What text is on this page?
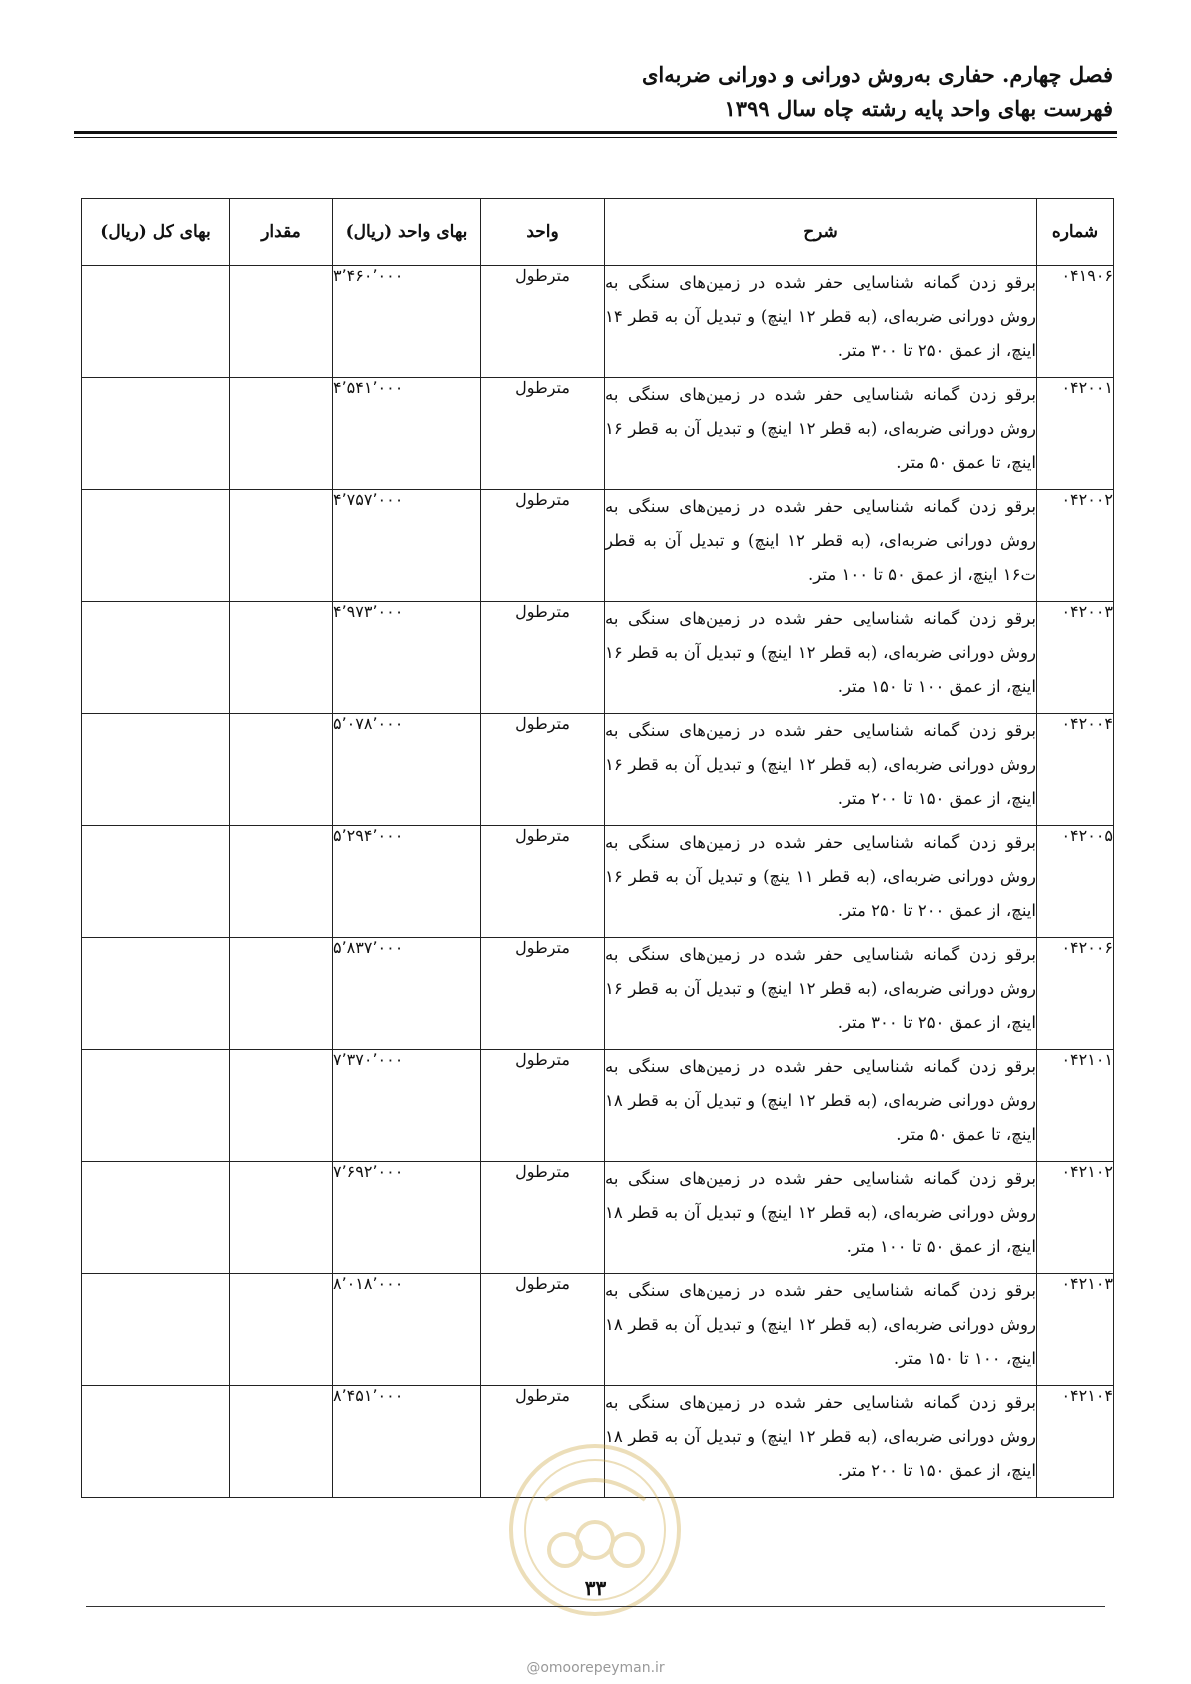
فصل چهارم. حفاری به‌روش دورانی و دورانی ضربه‌ای
فهرست بهای واحد پایه رشته چاه سال ۱۳۹۹
شماره	شرح	واحد	بهای واحد (ریال)	مقدار	بهای کل (ریال)
۰۴۱۹۰۶	برقو زدن گمانه شناسایی حفر شده در زمین‌های سنگی به روش دورانی ضربه‌ای، (به قطر ۱۲ اینچ) و تبدیل آن به قطر ۱۴ اینچ، از عمق ۲۵۰ تا ۳۰۰ متر.	مترطول	۳٬۴۶۰٬۰۰۰		
۰۴۲۰۰۱	برقو زدن گمانه شناسایی حفر شده در زمین‌های سنگی به روش دورانی ضربه‌ای، (به قطر ۱۲ اینچ) و تبدیل آن به قطر ۱۶ اینچ، تا عمق ۵۰ متر.	مترطول	۴٬۵۴۱٬۰۰۰		
۰۴۲۰۰۲	برقو زدن گمانه شناسایی حفر شده در زمین‌های سنگی به روش دورانی ضربه‌ای، (به قطر ۱۲ اینچ) و تبدیل آن به قطر ت۱۶ اینچ، از عمق ۵۰ تا ۱۰۰ متر.	مترطول	۴٬۷۵۷٬۰۰۰		
۰۴۲۰۰۳	برقو زدن گمانه شناسایی حفر شده در زمین‌های سنگی به روش دورانی ضربه‌ای، (به قطر ۱۲ اینچ) و تبدیل آن به قطر ۱۶ اینچ، از عمق ۱۰۰ تا ۱۵۰ متر.	مترطول	۴٬۹۷۳٬۰۰۰		
۰۴۲۰۰۴	برقو زدن گمانه شناسایی حفر شده در زمین‌های سنگی به روش دورانی ضربه‌ای، (به قطر ۱۲ اینچ) و تبدیل آن به قطر ۱۶ اینچ، از عمق ۱۵۰ تا ۲۰۰ متر.	مترطول	۵٬۰۷۸٬۰۰۰		
۰۴۲۰۰۵	برقو زدن گمانه شناسایی حفر شده در زمین‌های سنگی به روش دورانی ضربه‌ای، (به قطر ۱۱ ینچ) و تبدیل آن به قطر ۱۶ اینچ، از عمق ۲۰۰ تا ۲۵۰ متر.	مترطول	۵٬۲۹۴٬۰۰۰		
۰۴۲۰۰۶	برقو زدن گمانه شناسایی حفر شده در زمین‌های سنگی به روش دورانی ضربه‌ای، (به قطر ۱۲ اینچ) و تبدیل آن به قطر ۱۶ اینچ، از عمق ۲۵۰ تا ۳۰۰ متر.	مترطول	۵٬۸۳۷٬۰۰۰		
۰۴۲۱۰۱	برقو زدن گمانه شناسایی حفر شده در زمین‌های سنگی به روش دورانی ضربه‌ای، (به قطر ۱۲ اینچ) و تبدیل آن به قطر ۱۸ اینچ، تا عمق ۵۰ متر.	مترطول	۷٬۳۷۰٬۰۰۰		
۰۴۲۱۰۲	برقو زدن گمانه شناسایی حفر شده در زمین‌های سنگی به روش دورانی ضربه‌ای، (به قطر ۱۲ اینچ) و تبدیل آن به قطر ۱۸ اینچ، از عمق ۵۰ تا ۱۰۰ متر.	مترطول	۷٬۶۹۲٬۰۰۰		
۰۴۲۱۰۳	برقو زدن گمانه شناسایی حفر شده در زمین‌های سنگی به روش دورانی ضربه‌ای، (به قطر ۱۲ اینچ) و تبدیل آن به قطر ۱۸ اینچ، ۱۰۰ تا ۱۵۰ متر.	مترطول	۸٬۰۱۸٬۰۰۰		
۰۴۲۱۰۴	برقو زدن گمانه شناسایی حفر شده در زمین‌های سنگی به روش دورانی ضربه‌ای، (به قطر ۱۲ اینچ) و تبدیل آن به قطر ۱۸ اینچ، از عمق ۱۵۰ تا ۲۰۰ متر.	مترطول	۸٬۴۵۱٬۰۰۰		
۳۳
@omoorepeyman.ir
